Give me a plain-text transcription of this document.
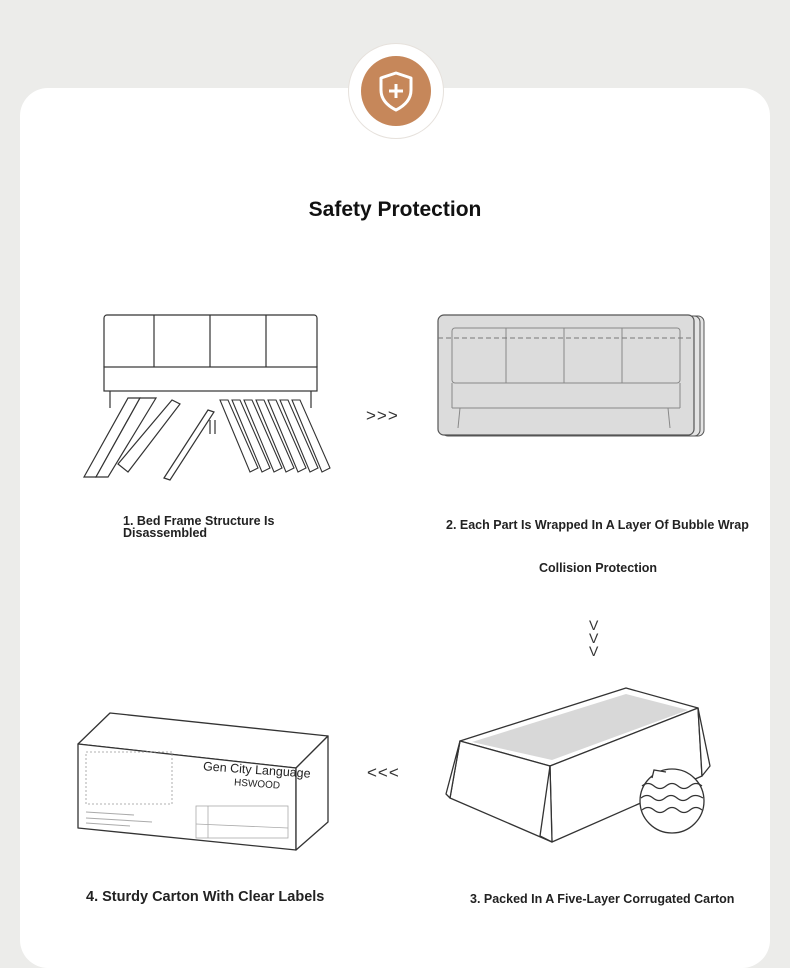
Safety Protection
1. Bed Frame Structure Is Disassembled
>>>
2. Each Part Is Wrapped In A Layer Of Bubble Wrap
Collision Protection
V
V
V
3. Packed In A Five-Layer Corrugated Carton
<<<
Gen City Language
HSWOOD
4. Sturdy Carton With Clear Labels
